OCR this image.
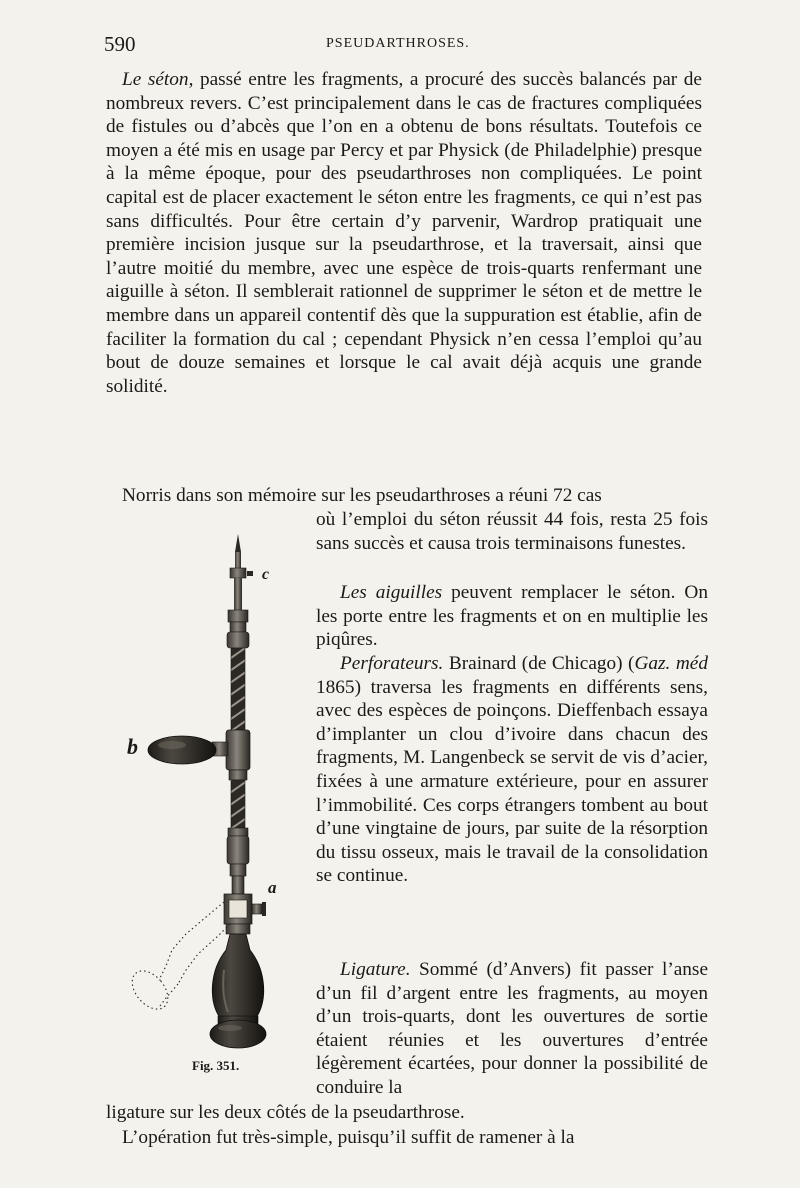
590	PSEUDARTHROSES.

Le séton, passé entre les fragments, a procuré des succès balancés par de nombreux revers. C’est principalement dans le cas de fractures compliquées de fistules ou d’abcès que l’on en a obtenu de bons résultats. Toutefois ce moyen a été mis en usage par Percy et par Physick (de Philadelphie) presque à la même époque, pour des pseudarthroses non compliquées. Le point capital est de placer exactement le séton entre les fragments, ce qui n’est pas sans difficultés. Pour être certain d’y parvenir, Wardrop pratiquait une première incision jusque sur la pseudarthrose, et la traversait, ainsi que l’autre moitié du membre, avec une espèce de trois-quarts renfermant une aiguille à séton. Il semblerait rationnel de supprimer le séton et de mettre le membre dans un appareil contentif dès que la suppuration est établie, afin de faciliter la formation du cal ; cependant Physick n’en cessa l’emploi qu’au bout de douze semaines et lorsque le cal avait déjà acquis une grande solidité.

Norris dans son mémoire sur les pseudarthroses a réuni 72 cas

où l’emploi du séton réussit 44 fois, resta 25 fois sans succès et causa trois terminaisons funestes.

Les aiguilles peuvent remplacer le séton. On les porte entre les fragments et on en multiplie les piqûres.

Perforateurs. Brainard (de Chicago) (Gaz. méd 1865) traversa les fragments en différents sens, avec des espèces de poinçons. Dieffenbach essaya d’implanter un clou d’ivoire dans chacun des fragments, M. Langenbeck se servit de vis d’acier, fixées à une armature extérieure, pour en assurer l’immobilité. Ces corps étrangers tombent au bout d’une vingtaine de jours, par suite de la résorption du tissu osseux, mais le travail de la consolidation se continue.

Ligature. Sommé (d’Anvers) fit passer l’anse d’un fil d’argent entre les fragments, au moyen d’un trois-quarts, dont les ouvertures de sortie étaient réunies et les ouvertures d’entrée légèrement écartées, pour donner la possibilité de conduire la

ligature sur les deux côtés de la pseudarthrose.

L’opération fut très-simple, puisqu’il suffit de ramener à la

c
b
a
Fig. 351.
